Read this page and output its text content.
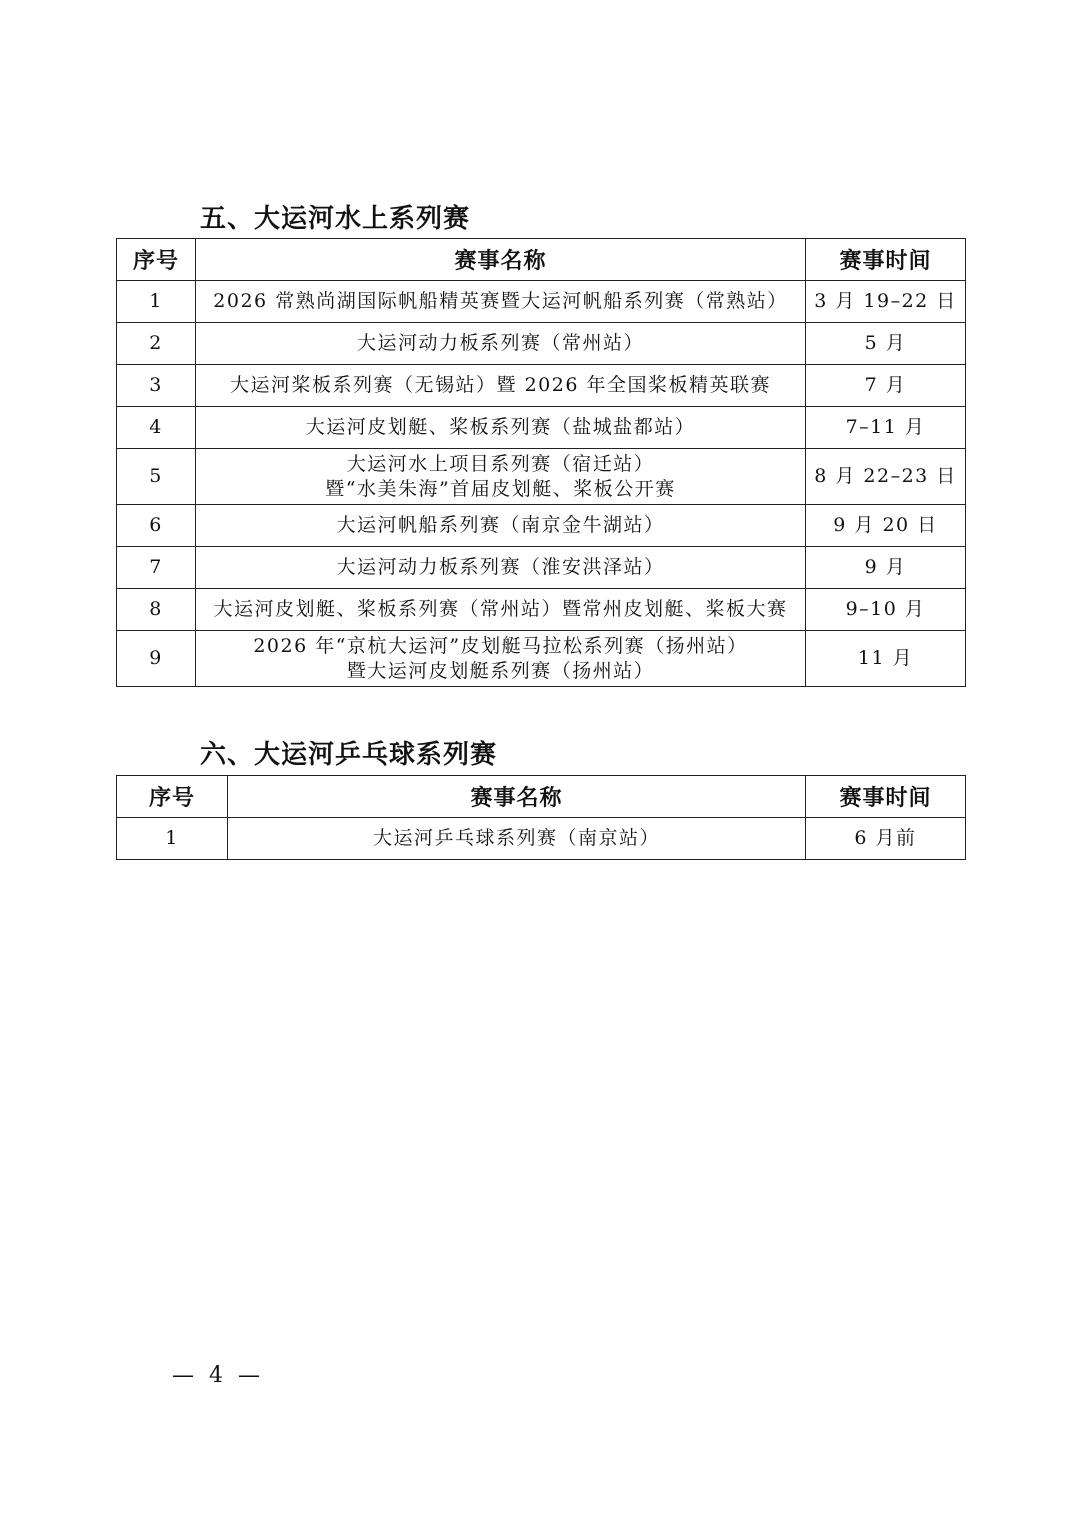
五、大运河水上系列赛
序号	赛事名称	赛事时间
1	2026 常熟尚湖国际帆船精英赛暨大运河帆船系列赛（常熟站）	3 月 19–22 日
2	大运河动力板系列赛（常州站）	5 月
3	大运河桨板系列赛（无锡站）暨 2026 年全国桨板精英联赛	7 月
4	大运河皮划艇、桨板系列赛（盐城盐都站）	7–11 月
5	大运河水上项目系列赛（宿迁站）
暨“水美朱海”首届皮划艇、桨板公开赛	8 月 22–23 日
6	大运河帆船系列赛（南京金牛湖站）	9 月 20 日
7	大运河动力板系列赛（淮安洪泽站）	9 月
8	大运河皮划艇、桨板系列赛（常州站）暨常州皮划艇、桨板大赛	9–10 月
9	2026 年“京杭大运河”皮划艇马拉松系列赛（扬州站）
暨大运河皮划艇系列赛（扬州站）	11 月
六、大运河乒乓球系列赛
序号	赛事名称	赛事时间
1	大运河乒乓球系列赛（南京站）	6 月前
— 4 —
